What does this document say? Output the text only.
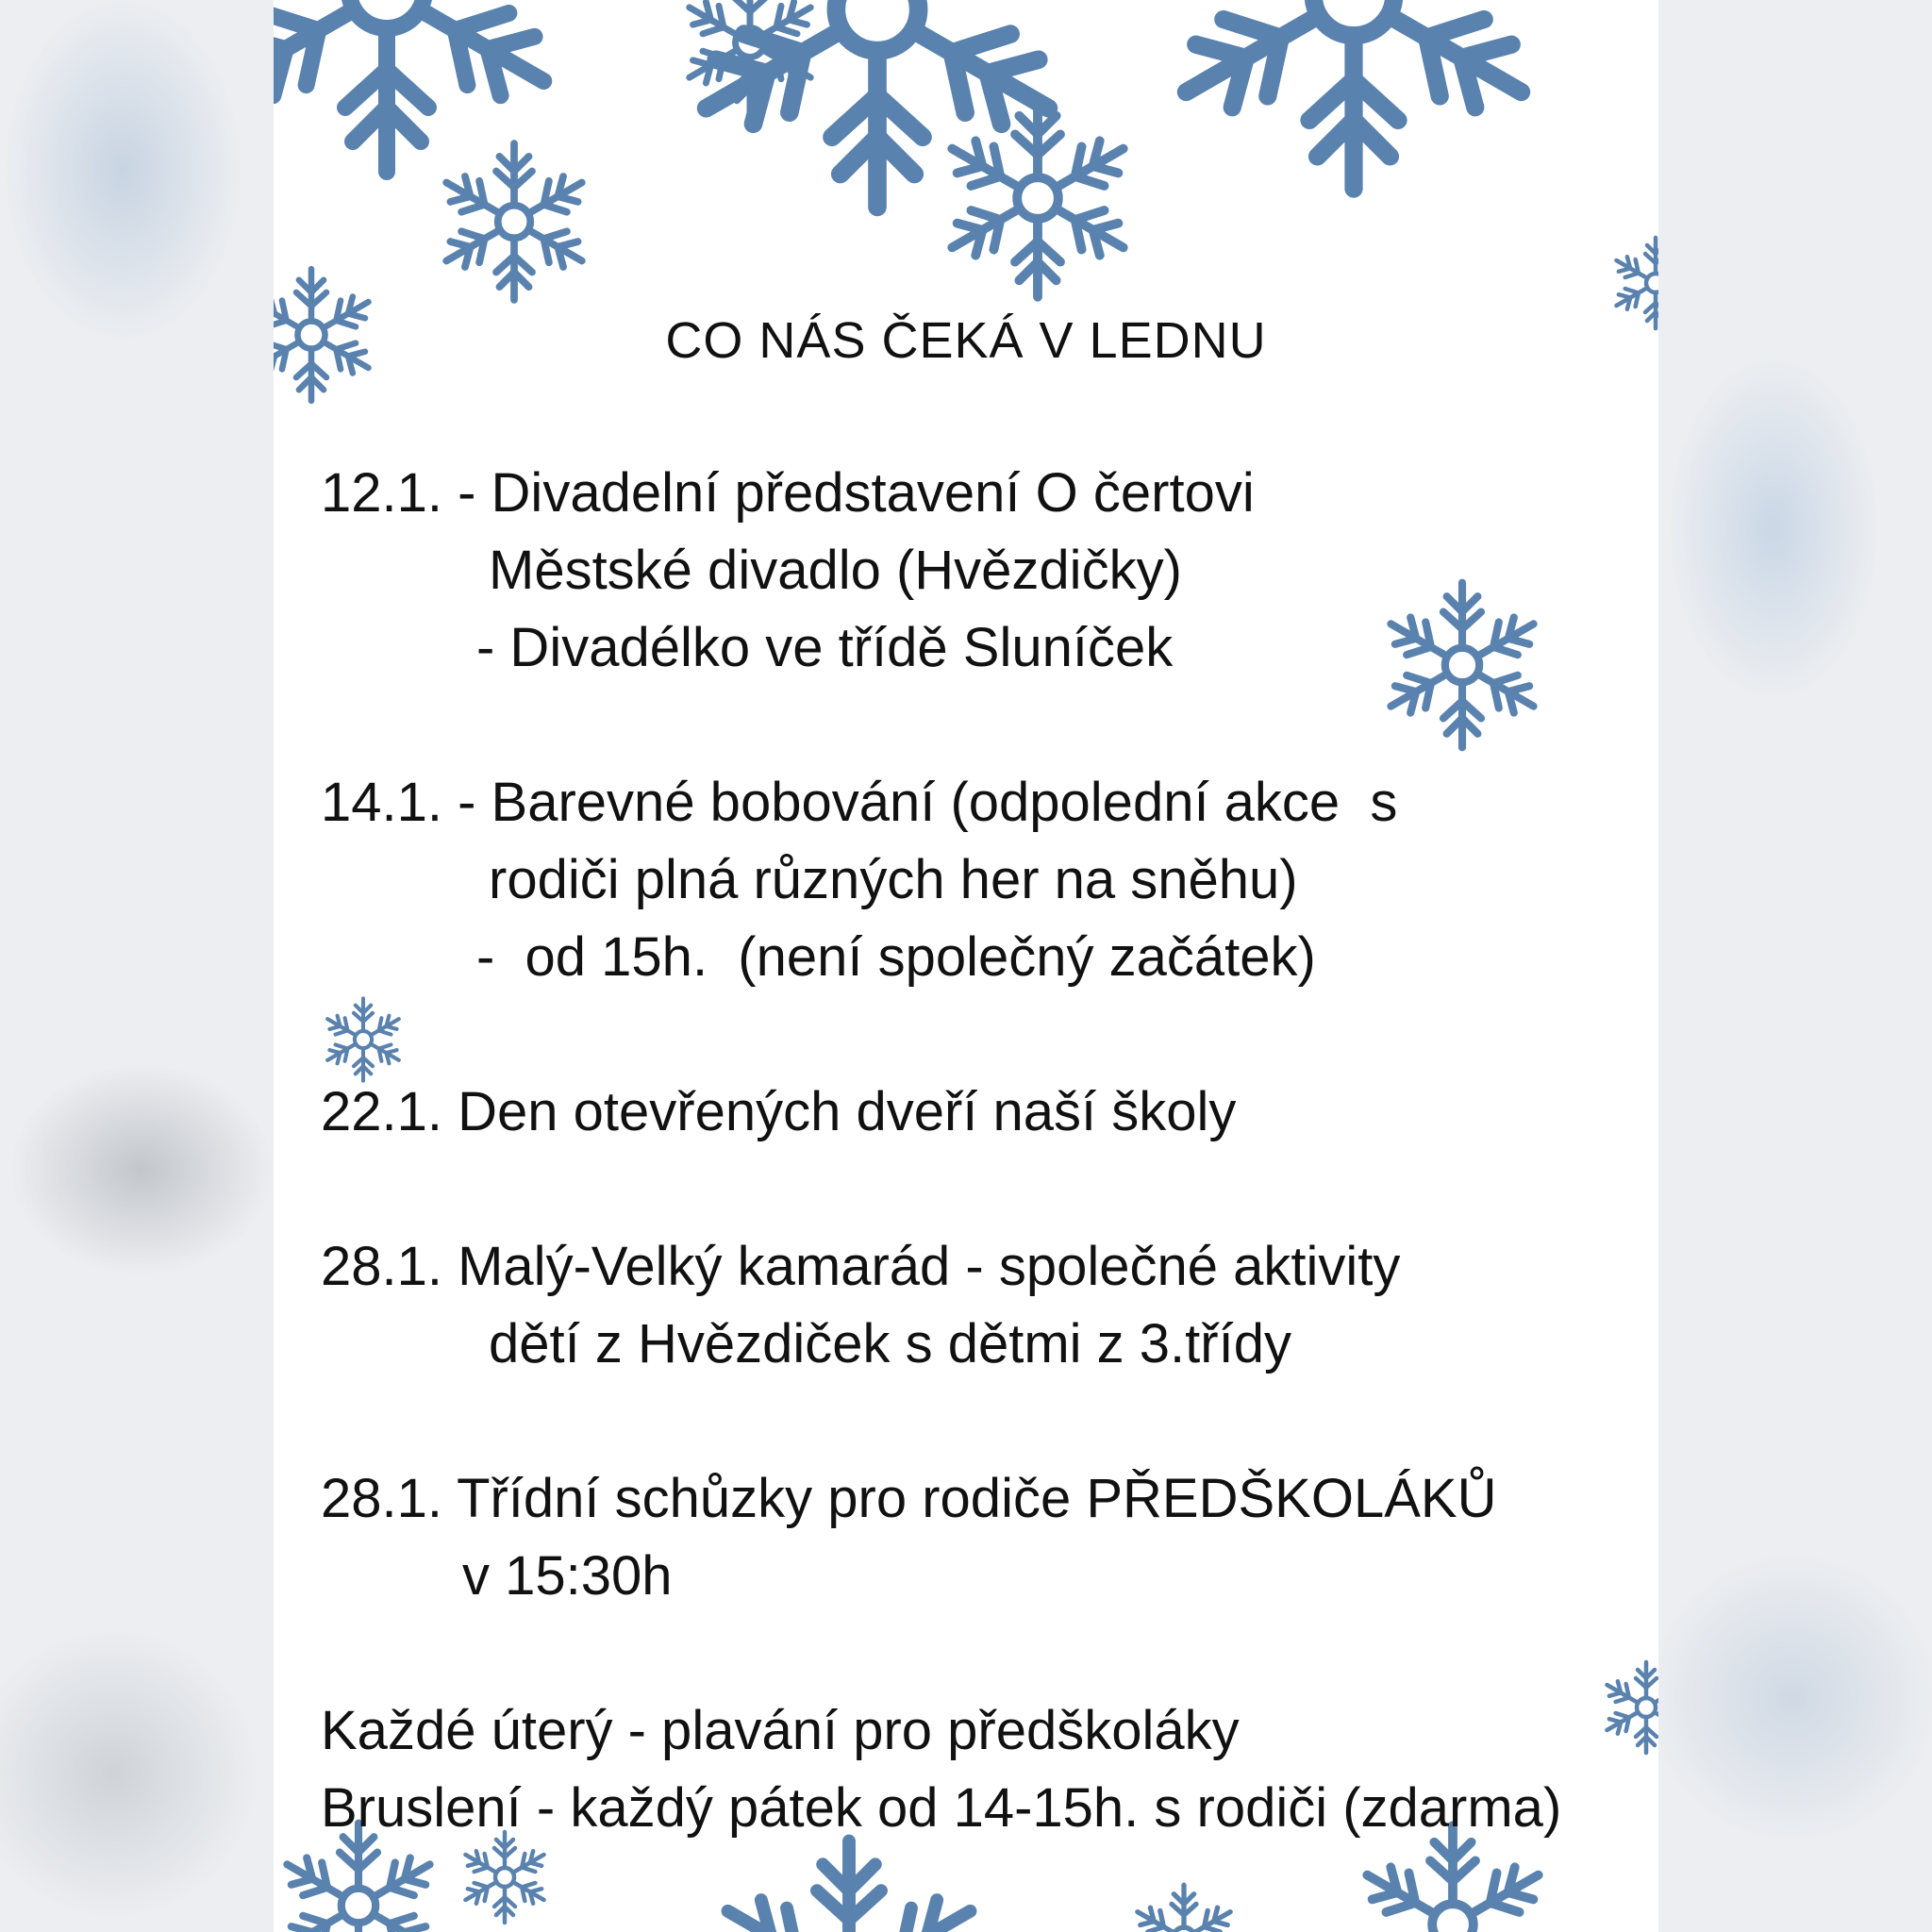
CO NÁS ČEKÁ V LEDNU
12.1. - Divadelní představení O čertovi
Městské divadlo (Hvězdičky)
- Divadélko ve třídě Sluníček
14.1. - Barevné bobování (odpolední akce  s
rodiči plná různých her na sněhu)
-  od 15h.  (není společný začátek)
22.1. Den otevřených dveří naší školy
28.1. Malý-Velký kamarád - společné aktivity
dětí z Hvězdiček s dětmi z 3.třídy
28.1. Třídní schůzky pro rodiče PŘEDŠKOLÁKŮ
v 15:30h
Každé úterý - plavání pro předškoláky
Bruslení - každý pátek od 14-15h. s rodiči (zdarma)
